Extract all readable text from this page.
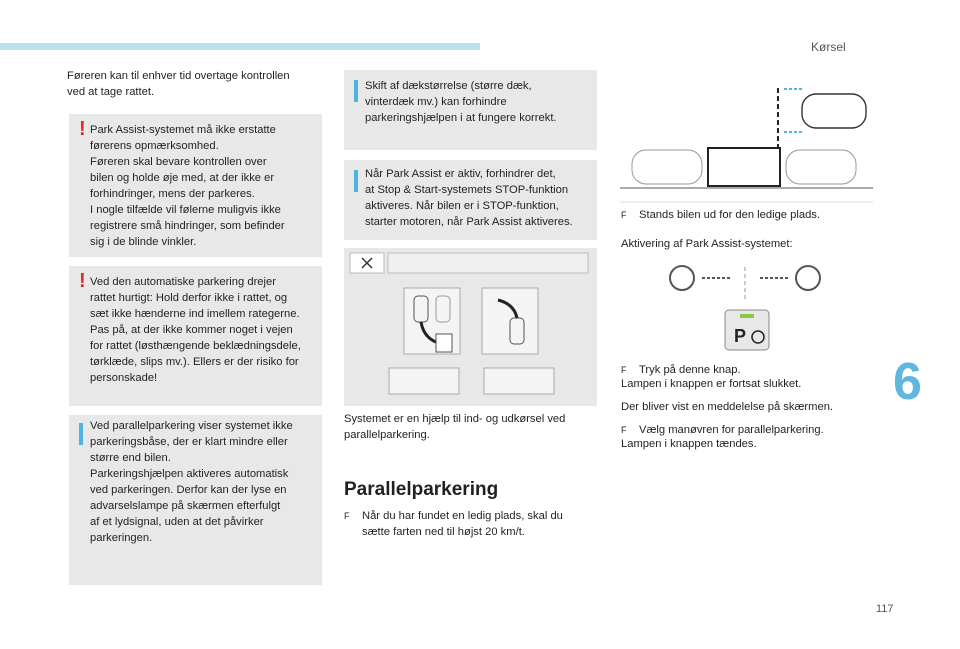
Kørsel
6
117
Føreren kan til enhver tid overtage kontrollen
ved at tage rattet.
! Park Assist-systemet må ikke erstatte
førerens opmærksomhed.
Føreren skal bevare kontrollen over
bilen og holde øje med, at der ikke er
forhindringer, mens der parkeres.
I nogle tilfælde vil følerne muligvis ikke
registrere små hindringer, som befinder
sig i de blinde vinkler.
! Ved den automatiske parkering drejer
rattet hurtigt: Hold derfor ikke i rattet, og
sæt ikke hænderne ind imellem rategerne.
Pas på, at der ikke kommer noget i vejen
for rattet (løsthængende beklædningsdele,
tørklæde, slips mv.). Ellers er der risiko for
personskade!
Ved parallelparkering viser systemet ikke
parkeringsbåse, der er klart mindre eller
større end bilen.
Parkeringshjælpen aktiveres automatisk
ved parkeringen. Derfor kan der lyse en
advarselslampe på skærmen efterfulgt
af et lydsignal, uden at det påvirker
parkeringen.
Skift af dækstørrelse (større dæk,
vinterdæk mv.) kan forhindre
parkeringshjælpen i at fungere korrekt.
Når Park Assist er aktiv, forhindrer det,
at Stop & Start-systemets STOP-funktion
aktiveres. Når bilen er i STOP-funktion,
starter motoren, når Park Assist aktiveres.
Systemet er en hjælp til ind- og udkørsel ved
parallelparkering.
Parallelparkering
F	Når du har fundet en ledig plads, skal du
sætte farten ned til højst 20 km/t.
F	Stands bilen ud for den ledige plads.
Aktivering af Park Assist-systemet:
P
F	Tryk på denne knap.
Lampen i knappen er fortsat slukket.
Der bliver vist en meddelelse på skærmen.
F	Vælg manøvren for parallelparkering.
Lampen i knappen tændes.
